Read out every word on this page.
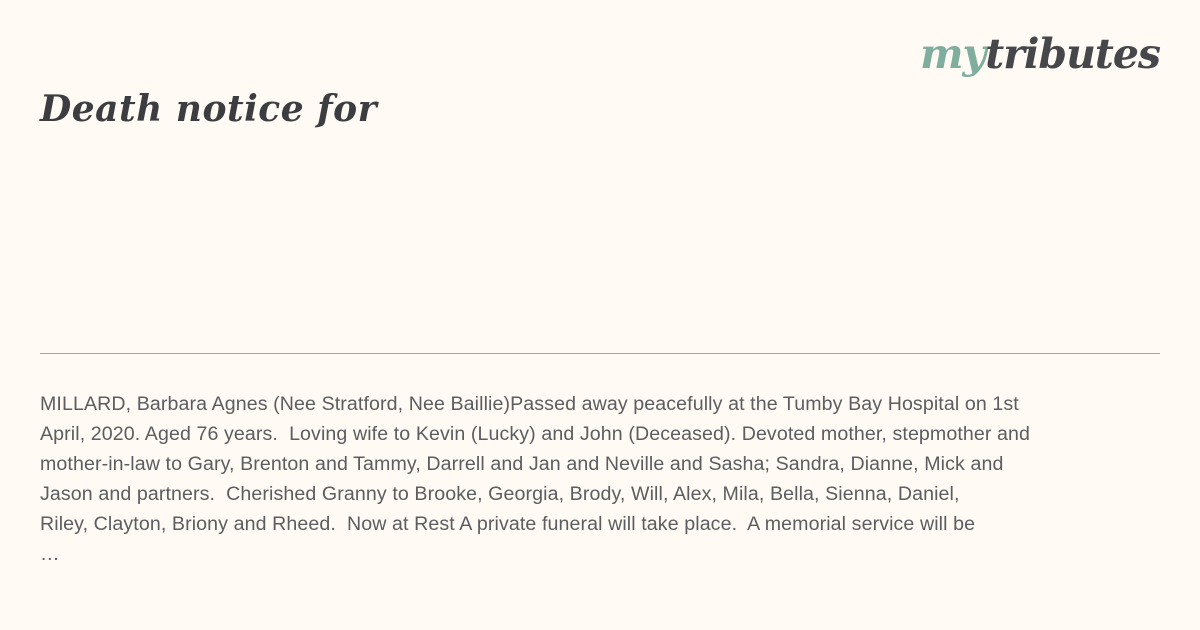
mytributes
Death notice for
MILLARD, Barbara Agnes (Nee Stratford, Nee Baillie)Passed away peacefully at the Tumby Bay Hospital on 1st
April, 2020. Aged 76 years.  Loving wife to Kevin (Lucky) and John (Deceased). Devoted mother, stepmother and
mother-in-law to Gary, Brenton and Tammy, Darrell and Jan and Neville and Sasha; Sandra, Dianne, Mick and
Jason and partners.  Cherished Granny to Brooke, Georgia, Brody, Will, Alex, Mila, Bella, Sienna, Daniel,
Riley, Clayton, Briony and Rheed.  Now at Rest A private funeral will take place.  A memorial service will be
…
